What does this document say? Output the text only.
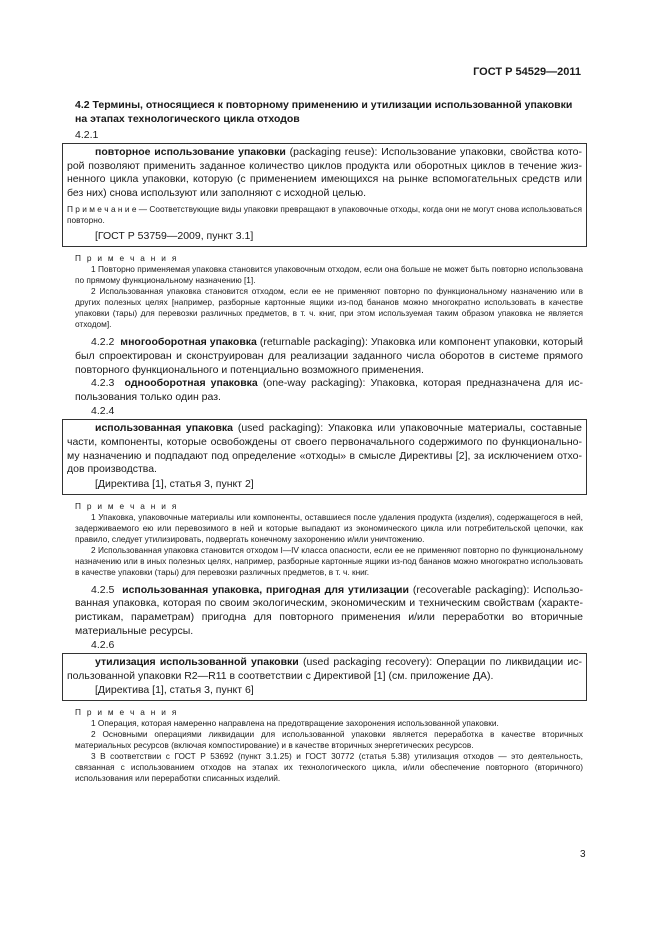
ГОСТ Р 54529—2011

4.2 Термины, относящиеся к повторному применению и утилизации использованной упаковки на этапах технологического цикла отходов

4.2.1

повторное использование упаковки (packaging reuse): Использование упаковки, свойства которой позволяют применить заданное количество циклов продукта или оборотных циклов в течение жизненного цикла упаковки, которую (с применением имеющихся на рынке вспомогательных средств или без них) снова используют или заполняют с исходной целью.

П р и м е ч а н и е — Соответствующие виды упаковки превращают в упаковочные отходы, когда они не могут снова использоваться повторно.

[ГОСТ Р 53759—2009, пункт 3.1]

П р и м е ч а н и я

1 Повторно применяемая упаковка становится упаковочным отходом, если она больше не может быть повторно использована по прямому функциональному назначению [1].

2 Использованная упаковка становится отходом, если ее не применяют повторно по функциональному назначению или в других полезных целях [например, разборные картонные ящики из-под бананов можно многократно использовать в качестве упаковки (тары) для перевозки различных предметов, в т. ч. книг, при этом используемая таким образом упаковка не является отходом].

4.2.2 многооборотная упаковка (returnable packaging): Упаковка или компонент упаковки, который был спроектирован и сконструирован для реализации заданного числа оборотов в системе прямого повторного функционального и потенциально возможного применения.

4.2.3 однооборотная упаковка (one-way packaging): Упаковка, которая предназначена для использования только один раз.

4.2.4

использованная упаковка (used packaging): Упаковка или упаковочные материалы, составные части, компоненты, которые освобождены от своего первоначального содержимого по функциональному назначению и подпадают под определение «отходы» в смысле Директивы [2], за исключением отходов производства.

[Директива [1], статья 3, пункт 2]

П р и м е ч а н и я

1 Упаковка, упаковочные материалы или компоненты, оставшиеся после удаления продукта (изделия), содержащегося в ней, задерживаемого ею или перевозимого в ней и которые выпадают из экономического цикла или потребительской цепочки, как правило, следует утилизировать, подвергать конечному захоронению и/или уничтожению.

2 Использованная упаковка становится отходом I—IV класса опасности, если ее не применяют повторно по функциональному назначению или в иных полезных целях, например, разборные картонные ящики из-под бананов можно многократно использовать в качестве упаковки (тары) для перевозки различных предметов, в т. ч. книг.

4.2.5 использованная упаковка, пригодная для утилизации (recoverable packaging): Использованная упаковка, которая по своим экологическим, экономическим и техническим свойствам (характеристикам, параметрам) пригодна для повторного применения и/или переработки во вторичные материальные ресурсы.

4.2.6

утилизация использованной упаковки (used packaging recovery): Операции по ликвидации использованной упаковки R2—R11 в соответствии с Директивой [1] (см. приложение ДА).

[Директива [1], статья 3, пункт 6]

П р и м е ч а н и я

1 Операция, которая намеренно направлена на предотвращение захоронения использованной упаковки.

2 Основными операциями ликвидации для использованной упаковки является переработка в качестве вторичных материальных ресурсов (включая компостирование) и в качестве вторичных энергетических ресурсов.

3 В соответствии с ГОСТ Р 53692 (пункт 3.1.25) и ГОСТ 30772 (статья 5.38) утилизация отходов — это деятельность, связанная с использованием отходов на этапах их технологического цикла, и/или обеспечение повторного (вторичного) использования или переработки списанных изделий.

3
